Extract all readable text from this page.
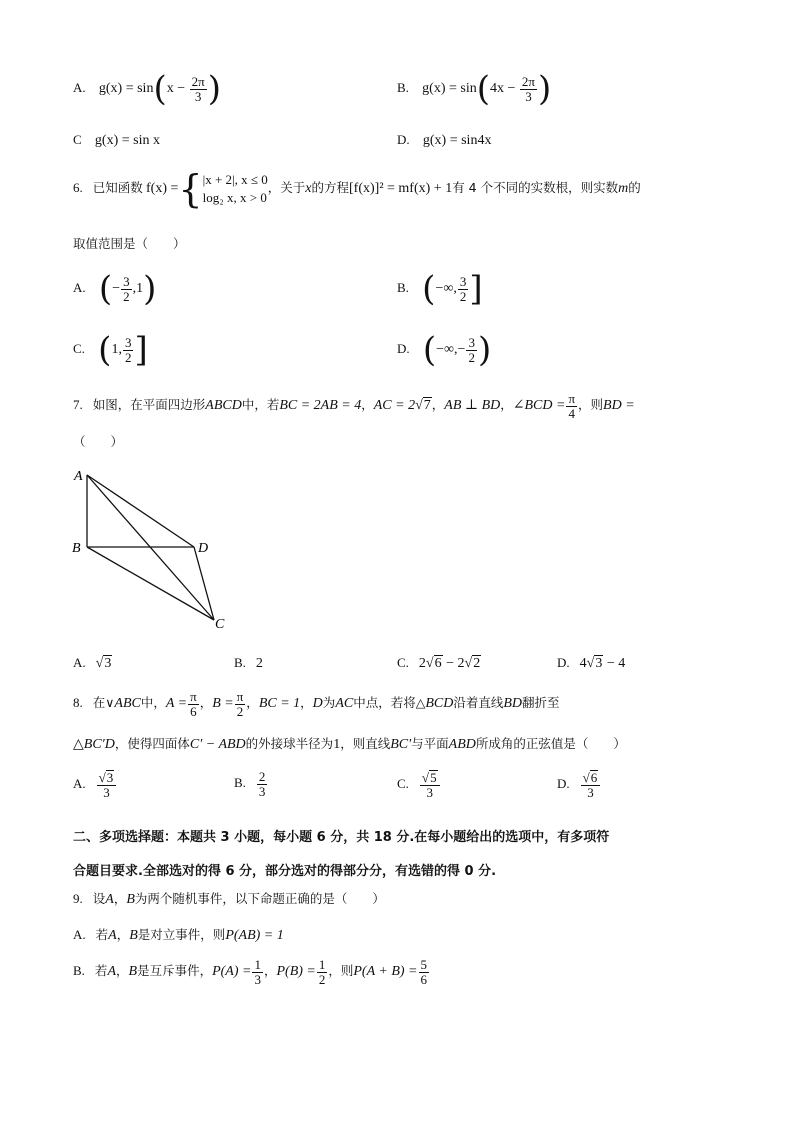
A. $g(x) = \sin(x - \frac{2\pi}{3}$ )	B. $g(x) = \sin(4x - \frac{2\pi}{3}$ )
C g(x) = sin x	D. g(x) = sin4x
6. 已知函数 f(x) ={ |x + 2|, x ≤ 0
log₂ x, x > 0
，关于x的方程[f(x)]² = mf(x) + 1有 4 个不同的实数根，则实数m的
取值范围是（　　）
A. (− $\frac{3}{2} ,1$)	B. (−∞, $\frac{3}{2}$ ]
C. (1, $\frac{3}{2}$ ]	D. (−∞,− $\frac{3}{2}$ )
7. 如图，在平面四边形ABCD中，若BC = 2AB = 4，AC = 2√7，AB ⊥ BD，∠BCD = $\frac{\pi}{4}$ ，则BD =
（　　）
A
B	D
C
A. √3	B. 2	C. 2√6 − 2√2	D. 4√3 − 4
8. 在∨ABC中，$A = \frac{\pi}{6}$ ，$B = \frac{\pi}{2}$ ，BC = 1，D为AC中点，若将△BCD沿着直线BD翻折至
△BC′D，使得四面体C′ − ABD的外接球半径为1，则直线BC′与平面ABD所成角的正弦值是（　　）
A. $\frac{√3}{3}$	B. $\frac{2}{3}$	C. $\frac{√5}{3}$	D. $\frac{√6}{3}$
二、多项选择题：本题共 3 小题，每小题 6 分，共 18 分.在每小题给出的选项中，有多项符
合题目要求.全部选对的得 6 分，部分选对的得部分分，有选错的得 0 分.
9. 设A，B为两个随机事件，以下命题正确的是（　　）
A. 若A，B是对立事件，则P(AB) = 1
B. 若A，B是互斥事件，$P(A) = \frac{1}{3}$ ，$P(B) = \frac{1}{2}$ ，则$P(A + B) = \frac{5}{6}$
